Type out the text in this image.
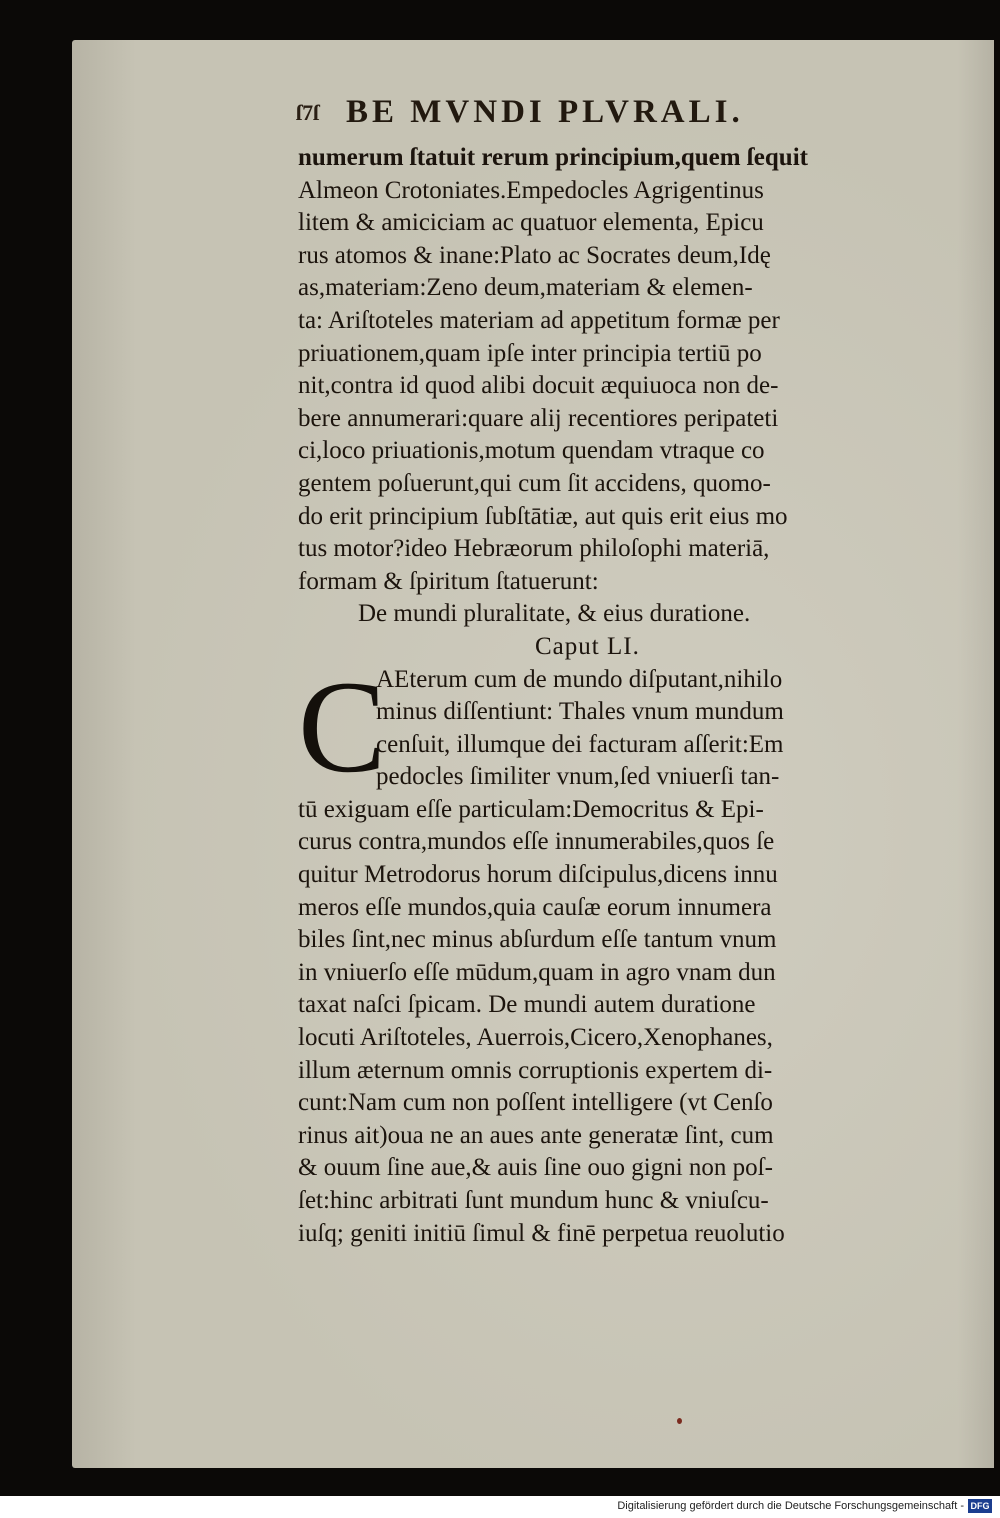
ſ7ſ BE MVNDI PLVRALI.
numerum ſtatuit rerum principium,quem ſequit
Almeon Crotoniates.Empedocles Agrigentinus
litem & amiciciam ac quatuor elementa, Epicu
rus atomos & inane:Plato ac Socrates deum,Idę
as,materiam:Zeno deum,materiam & elemen-
ta: Ariſtoteles materiam ad appetitum formæ per
priuationem,quam ipſe inter principia tertiū po
nit,contra id quod alibi docuit æquiuoca non de-
bere annumerari:quare alij recentiores peripateti
ci,loco priuationis,motum quendam vtraque co
gentem poſuerunt,qui cum ſit accidens, quomo-
do erit principium ſubſtātiæ, aut quis erit eius mo
tus motor?ideo Hebræorum philoſophi materiā,
formam & ſpiritum ſtatuerunt:
De mundi pluralitate, & eius duratione.
Caput LI.
C
AEterum cum de mundo diſputant,nihilo
minus diſſentiunt: Thales vnum mundum
cenſuit, illumque dei facturam aſſerit:Em
pedocles ſimiliter vnum,ſed vniuerſi tan-
tū exiguam eſſe particulam:Democritus & Epi-
curus contra,mundos eſſe innumerabiles,quos ſe
quitur Metrodorus horum diſcipulus,dicens innu
meros eſſe mundos,quia cauſæ eorum innumera
biles ſint,nec minus abſurdum eſſe tantum vnum
in vniuerſo eſſe mūdum,quam in agro vnam dun
taxat naſci ſpicam. De mundi autem duratione
locuti Ariſtoteles, Auerrois,Cicero,Xenophanes,
illum æternum omnis corruptionis expertem di-
cunt:Nam cum non poſſent intelligere (vt Cenſo
rinus ait)oua ne an aues ante generatæ ſint, cum
& ouum ſine aue,& auis ſine ouo gigni non poſ-
ſet:hinc arbitrati ſunt mundum hunc & vniuſcu-
iuſq; geniti initiū ſimul & finē perpetua reuolutio
Digitalisierung gefördert durch die Deutsche Forschungsgemeinschaft - DFG
